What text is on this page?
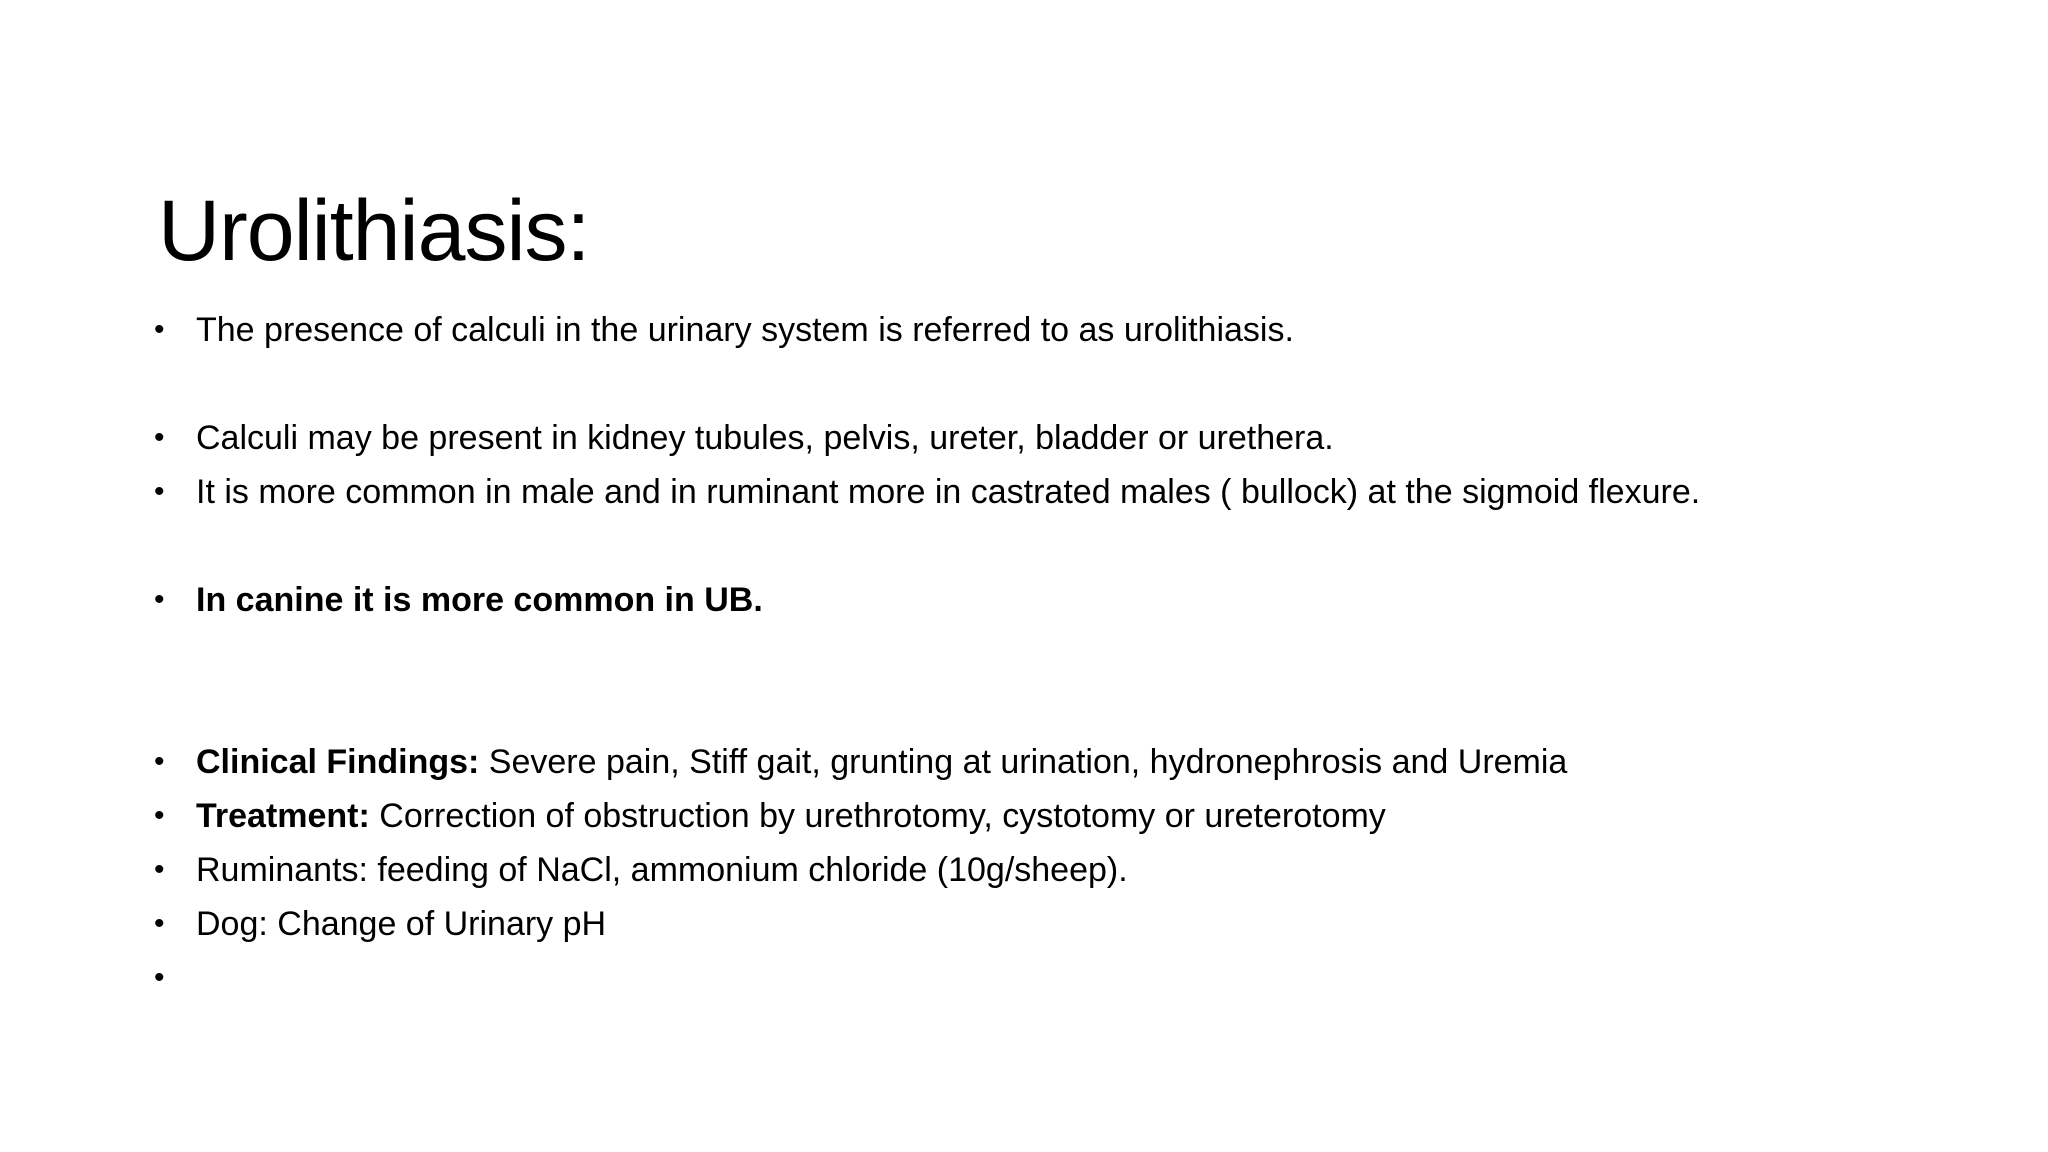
Urolithiasis:
• The presence of calculi in the urinary system is referred to as urolithiasis.
• Calculi may be present in kidney tubules, pelvis, ureter, bladder or urethera.
• It is more common in male and in ruminant more in castrated males ( bullock) at the sigmoid flexure.
• In canine it is more common in UB.
• Clinical Findings: Severe pain, Stiff gait, grunting at urination, hydronephrosis and Uremia
• Treatment: Correction of obstruction by urethrotomy, cystotomy or ureterotomy
• Ruminants: feeding of NaCl, ammonium chloride (10g/sheep).
• Dog: Change of Urinary pH
•
